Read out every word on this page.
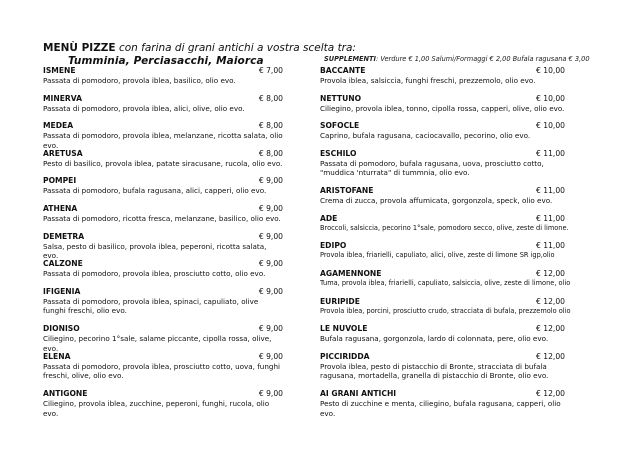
MENÙ PIZZE con farina di grani antichi a vostra scelta tra:
Tumminia, Perciasacchi, Maiorca	SUPPLEMENTI: Verdure € 1,00 Salumi/Formaggi € 2,00 Bufala ragusana € 3,00
ISMENE	€ 7,00
Passata di pomodoro, provola iblea, basilico, olio evo.
MINERVA	€ 8,00
Passata di pomodoro, provola iblea, alici, olive, olio evo.
MEDEA	€ 8,00
Passata di pomodoro, provola iblea, melanzane, ricotta salata, olio evo.
ARETUSA	€ 8,00
Pesto di basilico, provola iblea, patate siracusane, rucola, olio evo.
POMPEI	€ 9,00
Passata di pomodoro, bufala ragusana, alici, capperi, olio evo.
ATHENA	€ 9,00
Passata di pomodoro, ricotta fresca, melanzane, basilico, olio evo.
DEMETRA	€ 9,00
Salsa, pesto di basilico, provola iblea, peperoni, ricotta salata, evo.
CALZONE	€ 9,00
Passata di pomodoro, provola iblea, prosciutto cotto, olio evo.
IFIGENIA	€ 9,00
Passata di pomodoro, provola iblea, spinaci, capuliato, olive funghi freschi, olio evo.
DIONISO	€ 9,00
Ciliegino, pecorino 1°sale, salame piccante, cipolla rossa, olive, evo.
ELENA	€ 9,00
Passata di pomodoro, provola iblea, prosciutto cotto, uova, funghi freschi, olive, olio evo.
ANTIGONE	€ 9,00
Ciliegino, provola iblea, zucchine, peperoni, funghi, rucola, olio evo.
BACCANTE	€ 10,00
Provola iblea, salsiccia, funghi freschi, prezzemolo, olio evo.
NETTUNO	€ 10,00
Ciliegino, provola iblea, tonno, cipolla rossa, capperi, olive, olio evo.
SOFOCLE	€ 10,00
Caprino, bufala ragusana, caciocavallo, pecorino, olio evo.
ESCHILO	€ 11,00
Passata di pomodoro, bufala ragusana, uova, prosciutto cotto, "muddica 'nturrata" di tummnia, olio evo.
ARISTOFANE	€ 11,00
Crema di zucca, provola affumicata, gorgonzola, speck, olio evo.
ADE	€ 11,00
Broccoli, salsiccia, pecorino 1°sale, pomodoro secco, olive, zeste di limone.
EDIPO	€ 11,00
Provola iblea, friarielli, capuliato, alici, olive, zeste di limone SR igp,olio
AGAMENNONE	€ 12,00
Tuma, provola iblea, friarielli, capuliato, salsiccia, olive, zeste di limone, olio
EURIPIDE	€ 12,00
Provola iblea, porcini, prosciutto crudo, stracciata di bufala, prezzemolo olio
LE NUVOLE	€ 12,00
Bufala ragusana, gorgonzola, lardo di colonnata, pere, olio evo.
PICCIRIDDA	€ 12,00
Provola iblea, pesto di pistacchio di Bronte, stracciata di bufala ragusana, mortadella, granella di pistacchio di Bronte, olio evo.
AI GRANI ANTICHI	€ 12,00
Pesto di zucchine e menta, ciliegino, bufala ragusana, capperi, olio evo.
